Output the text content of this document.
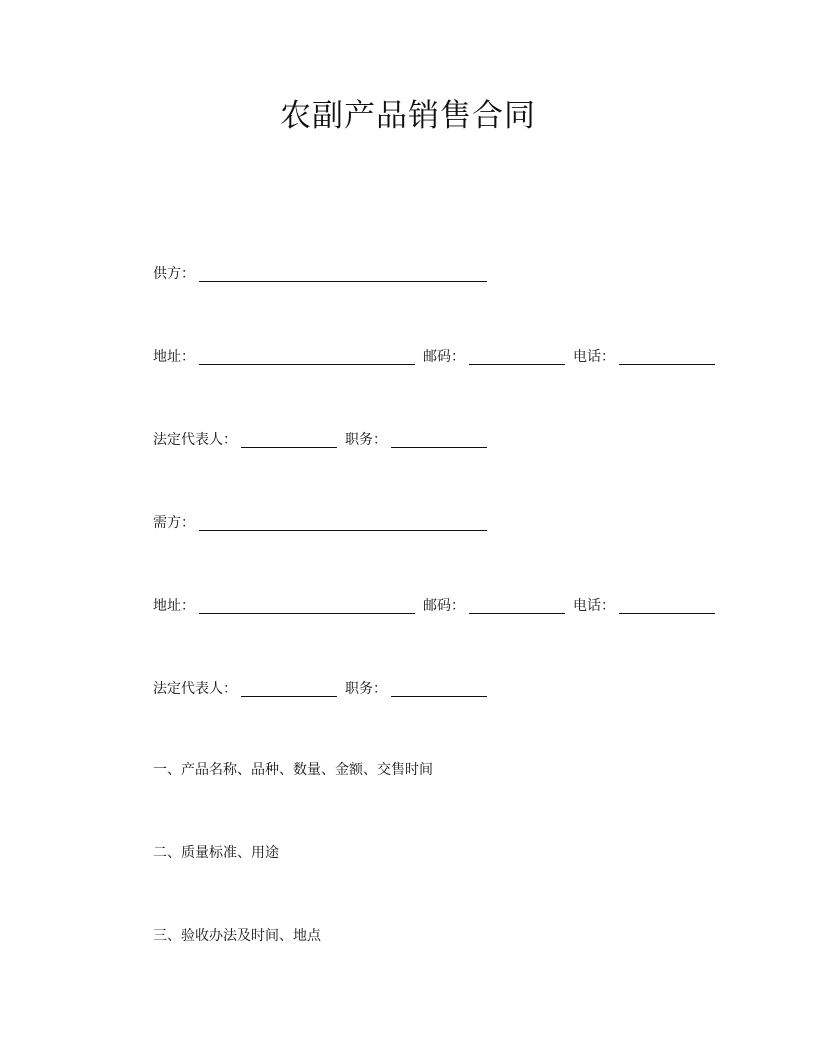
农副产品销售合同
供方 ：
地址 ：	邮码 ：	电话 ：
法定代表人 ：	职务 ：
需方 ：
地址 ：	邮码 ：	电话 ：
法定代表人 ：	职务 ：
一、产品名称、品种、数量、金额、交售时间
二、质量标准、用途
三、验收办法及时间、地点
